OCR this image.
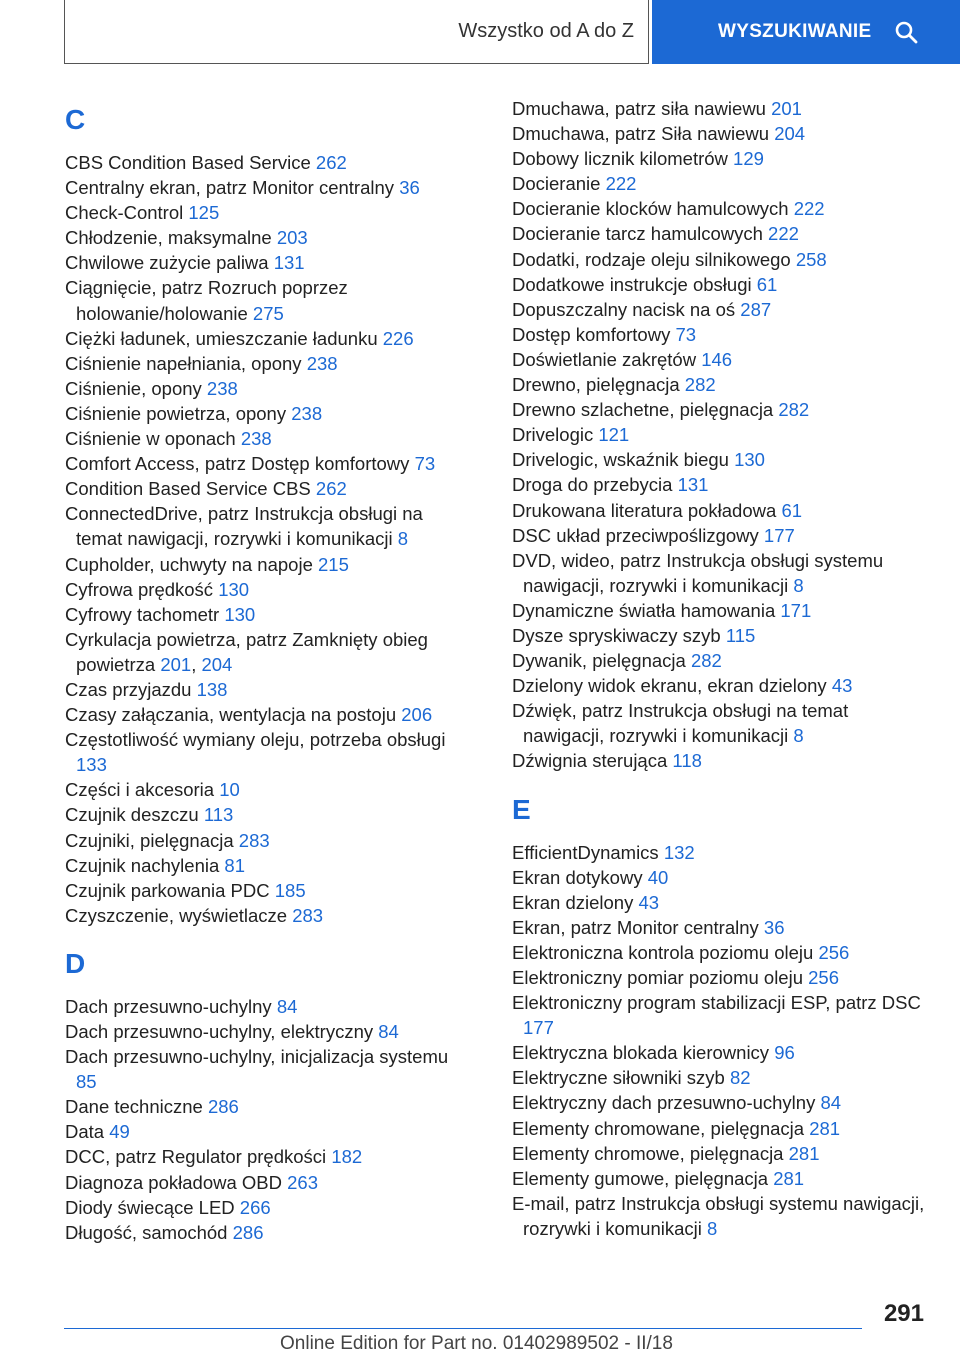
Wszystko od A do Z	WYSZUKIWANIE
C
CBS Condition Based Service 262
Centralny ekran, patrz Monitor centralny 36
Check-Control 125
Chłodzenie, maksymalne 203
Chwilowe zużycie paliwa 131
Ciągnięcie, patrz Rozruch poprzez holowanie/holowanie 275
Ciężki ładunek, umieszczanie ładunku 226
Ciśnienie napełniania, opony 238
Ciśnienie, opony 238
Ciśnienie powietrza, opony 238
Ciśnienie w oponach 238
Comfort Access, patrz Dostęp komfortowy 73
Condition Based Service CBS 262
ConnectedDrive, patrz Instrukcja obsługi na temat nawigacji, rozrywki i komunikacji 8
Cupholder, uchwyty na napoje 215
Cyfrowa prędkość 130
Cyfrowy tachometr 130
Cyrkulacja powietrza, patrz Zamknięty obieg powietrza 201, 204
Czas przyjazdu 138
Czasy załączania, wentylacja na postoju 206
Częstotliwość wymiany oleju, potrzeba obsługi 133
Części i akcesoria 10
Czujnik deszczu 113
Czujniki, pielęgnacja 283
Czujnik nachylenia 81
Czujnik parkowania PDC 185
Czyszczenie, wyświetlacze 283
D
Dach przesuwno-uchylny 84
Dach przesuwno-uchylny, elektryczny 84
Dach przesuwno-uchylny, inicjalizacja systemu 85
Dane techniczne 286
Data 49
DCC, patrz Regulator prędkości 182
Diagnoza pokładowa OBD 263
Diody świecące LED 266
Długość, samochód 286
Dmuchawa, patrz siła nawiewu 201
Dmuchawa, patrz Siła nawiewu 204
Dobowy licznik kilometrów 129
Docieranie 222
Docieranie klocków hamulcowych 222
Docieranie tarcz hamulcowych 222
Dodatki, rodzaje oleju silnikowego 258
Dodatkowe instrukcje obsługi 61
Dopuszczalny nacisk na oś 287
Dostęp komfortowy 73
Doświetlanie zakrętów 146
Drewno, pielęgnacja 282
Drewno szlachetne, pielęgnacja 282
Drivelogic 121
Drivelogic, wskaźnik biegu 130
Droga do przebycia 131
Drukowana literatura pokładowa 61
DSC układ przeciwpoślizgowy 177
DVD, wideo, patrz Instrukcja obsługi systemu nawigacji, rozrywki i komunikacji 8
Dynamiczne światła hamowania 171
Dysze spryskiwaczy szyb 115
Dywanik, pielęgnacja 282
Dzielony widok ekranu, ekran dzielony 43
Dźwięk, patrz Instrukcja obsługi na temat nawigacji, rozrywki i komunikacji 8
Dźwignia sterująca 118
E
EfficientDynamics 132
Ekran dotykowy 40
Ekran dzielony 43
Ekran, patrz Monitor centralny 36
Elektroniczna kontrola poziomu oleju 256
Elektroniczny pomiar poziomu oleju 256
Elektroniczny program stabilizacji ESP, patrz DSC 177
Elektryczna blokada kierownicy 96
Elektryczne siłowniki szyb 82
Elektryczny dach przesuwno-uchylny 84
Elementy chromowane, pielęgnacja 281
Elementy chromowe, pielęgnacja 281
Elementy gumowe, pielęgnacja 281
E-mail, patrz Instrukcja obsługi systemu nawigacji, rozrywki i komunikacji 8
291
Online Edition for Part no. 01402989502 - II/18
